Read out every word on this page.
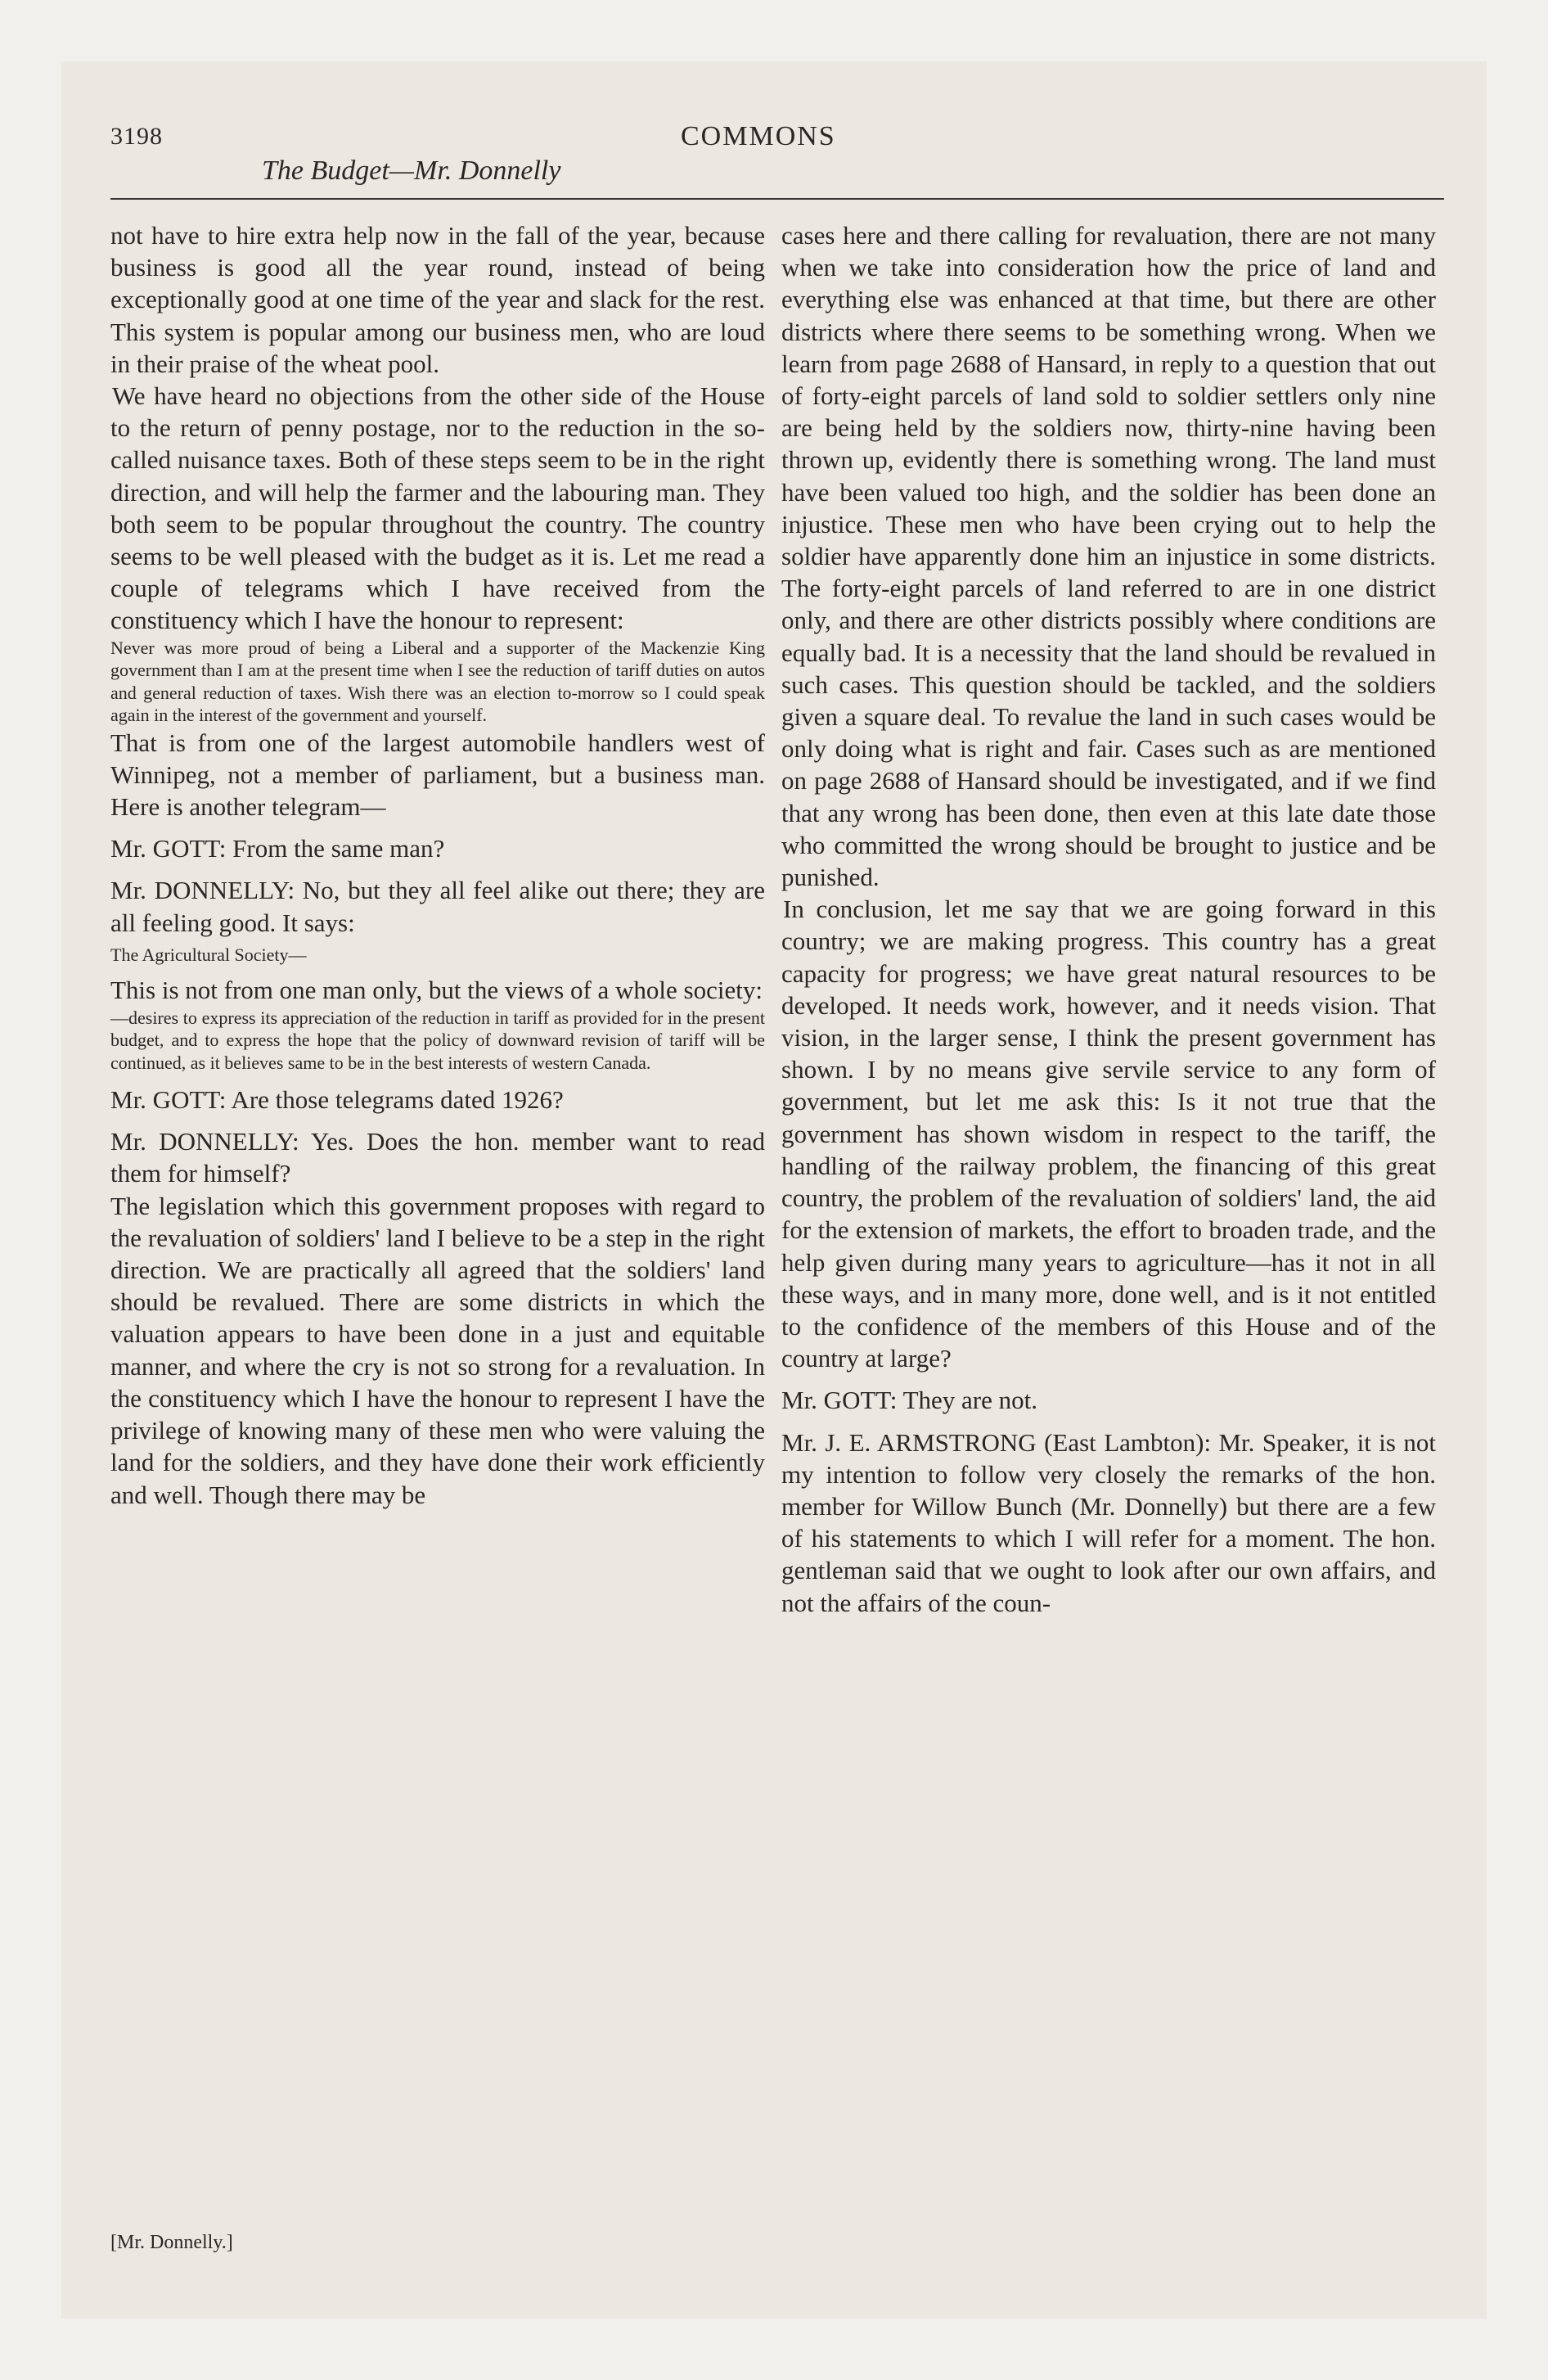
3198
The Budget—Mr. Donnelly
COMMONS

not have to hire extra help now in the fall of the year, because business is good all the year round, instead of being exceptionally good at one time of the year and slack for the rest. This system is popular among our business men, who are loud in their praise of the wheat pool.

We have heard no objections from the other side of the House to the return of penny postage, nor to the reduction in the so-called nuisance taxes. Both of these steps seem to be in the right direction, and will help the farmer and the labouring man. They both seem to be popular throughout the country. The country seems to be well pleased with the budget as it is. Let me read a couple of telegrams which I have received from the constituency which I have the honour to represent:

Never was more proud of being a Liberal and a supporter of the Mackenzie King government than I am at the present time when I see the reduction of tariff duties on autos and general reduction of taxes. Wish there was an election to-morrow so I could speak again in the interest of the government and yourself.

That is from one of the largest automobile handlers west of Winnipeg, not a member of parliament, but a business man. Here is another telegram—

Mr. GOTT: From the same man?

Mr. DONNELLY: No, but they all feel alike out there; they are all feeling good. It says:

The Agricultural Society—

This is not from one man only, but the views of a whole society:

—desires to express its appreciation of the reduction in tariff as provided for in the present budget, and to express the hope that the policy of downward revision of tariff will be continued, as it believes same to be in the best interests of western Canada.

Mr. GOTT: Are those telegrams dated 1926?

Mr. DONNELLY: Yes. Does the hon. member want to read them for himself?

The legislation which this government proposes with regard to the revaluation of soldiers' land I believe to be a step in the right direction. We are practically all agreed that the soldiers' land should be revalued. There are some districts in which the valuation appears to have been done in a just and equitable manner, and where the cry is not so strong for a revaluation. In the constituency which I have the honour to represent I have the privilege of knowing many of these men who were valuing the land for the soldiers, and they have done their work efficiently and well. Though there may be

cases here and there calling for revaluation, there are not many when we take into consideration how the price of land and everything else was enhanced at that time, but there are other districts where there seems to be something wrong. When we learn from page 2688 of Hansard, in reply to a question that out of forty-eight parcels of land sold to soldier settlers only nine are being held by the soldiers now, thirty-nine having been thrown up, evidently there is something wrong. The land must have been valued too high, and the soldier has been done an injustice. These men who have been crying out to help the soldier have apparently done him an injustice in some districts. The forty-eight parcels of land referred to are in one district only, and there are other districts possibly where conditions are equally bad. It is a necessity that the land should be revalued in such cases. This question should be tackled, and the soldiers given a square deal. To revalue the land in such cases would be only doing what is right and fair. Cases such as are mentioned on page 2688 of Hansard should be investigated, and if we find that any wrong has been done, then even at this late date those who committed the wrong should be brought to justice and be punished.

In conclusion, let me say that we are going forward in this country; we are making progress. This country has a great capacity for progress; we have great natural resources to be developed. It needs work, however, and it needs vision. That vision, in the larger sense, I think the present government has shown. I by no means give servile service to any form of government, but let me ask this: Is it not true that the government has shown wisdom in respect to the tariff, the handling of the railway problem, the financing of this great country, the problem of the revaluation of soldiers' land, the aid for the extension of markets, the effort to broaden trade, and the help given during many years to agriculture—has it not in all these ways, and in many more, done well, and is it not entitled to the confidence of the members of this House and of the country at large?

Mr. GOTT: They are not.

Mr. J. E. ARMSTRONG (East Lambton): Mr. Speaker, it is not my intention to follow very closely the remarks of the hon. member for Willow Bunch (Mr. Donnelly) but there are a few of his statements to which I will refer for a moment. The hon. gentleman said that we ought to look after our own affairs, and not the affairs of the coun-

[Mr. Donnelly.]
